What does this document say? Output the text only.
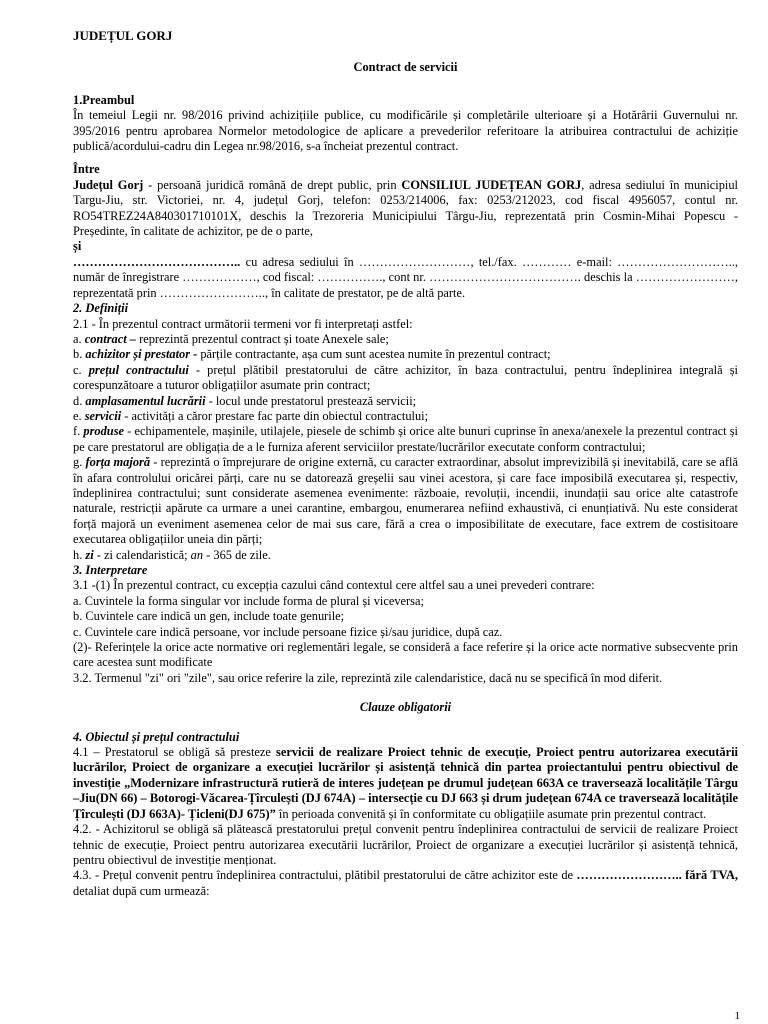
JUDEȚUL GORJ

Contract de servicii

1.Preambul

În temeiul Legii nr. 98/2016 privind achizițiile publice, cu modificările și completările ulterioare și a Hotărârii Guvernului nr. 395/2016 pentru aprobarea Normelor metodologice de aplicare a prevederilor referitoare la atribuirea contractului de achiziție publică/acordului-cadru din Legea nr.98/2016, s-a încheiat prezentul contract.

Între

Județul Gorj - persoană juridică română de drept public, prin CONSILIUL JUDEȚEAN GORJ, adresa sediului în municipiul Targu-Jiu, str. Victoriei, nr. 4, județul Gorj, telefon: 0253/214006, fax: 0253/212023, cod fiscal 4956057, contul nr. RO54TREZ24A840301710101X, deschis la Trezoreria Municipiului Târgu-Jiu, reprezentată prin Cosmin-Mihai Popescu - Președinte, în calitate de achizitor, pe de o parte,

și

………………………………….. cu adresa sediului în ………………………, tel./fax. ………… e-mail: ……………………….., număr de înregistrare ………………, cod fiscal: ……………., cont nr. ………………………………. deschis la ……………………, reprezentată prin …………………….., în calitate de prestator, pe de altă parte.

2. Definiții

2.1 - În prezentul contract următorii termeni vor fi interpretați astfel:

a. contract – reprezintă prezentul contract și toate Anexele sale;

b. achizitor și prestator - părțile contractante, așa cum sunt acestea numite în prezentul contract;

c. prețul contractului - prețul plătibil prestatorului de către achizitor, în baza contractului, pentru îndeplinirea integrală și corespunzătoare a tuturor obligațiilor asumate prin contract;

d. amplasamentul lucrării - locul unde prestatorul prestează servicii;

e. servicii - activități a căror prestare fac parte din obiectul contractului;

f. produse - echipamentele, mașinile, utilajele, piesele de schimb și orice alte bunuri cuprinse în anexa/anexele la prezentul contract și pe care prestatorul are obligația de a le furniza aferent serviciilor prestate/lucrărilor executate conform contractului;

g. forța majoră - reprezintă o împrejurare de origine externă, cu caracter extraordinar, absolut imprevizibilă și inevitabilă, care se află în afara controlului oricărei părți, care nu se datorează greșelii sau vinei acestora, și care face imposibilă executarea și, respectiv, îndeplinirea contractului; sunt considerate asemenea evenimente: războaie, revoluții, incendii, inundații sau orice alte catastrofe naturale, restricții apărute ca urmare a unei carantine, embargou, enumerarea nefiind exhaustivă, ci enunțiativă. Nu este considerat forță majoră un eveniment asemenea celor de mai sus care, fără a crea o imposibilitate de executare, face extrem de costisitoare executarea obligațiilor uneia din părți;

h. zi - zi calendaristică; an - 365 de zile.

3. Interpretare

3.1 -(1) În prezentul contract, cu excepția cazului când contextul cere altfel sau a unei prevederi contrare:

a. Cuvintele la forma singular vor include forma de plural și viceversa;

b. Cuvintele care indică un gen, include toate genurile;

c. Cuvintele care indică persoane, vor include persoane fizice și/sau juridice, după caz.

(2)- Referințele la orice acte normative ori reglementări legale, se consideră a face referire și la orice acte normative subsecvente prin care acestea sunt modificate

3.2. Termenul "zi" ori "zile", sau orice referire la zile, reprezintă zile calendaristice, dacă nu se specifică în mod diferit.

Clauze obligatorii

4. Obiectul și prețul contractului

4.1 – Prestatorul se obligă să presteze servicii de realizare Proiect tehnic de execuție, Proiect pentru autorizarea executării lucrărilor, Proiect de organizare a execuției lucrărilor și asistență tehnică din partea proiectantului pentru obiectivul de investiție „Modernizare infrastructură rutieră de interes județean pe drumul județean 663A ce traversează localitățile Târgu –Jiu(DN 66) – Botorogi-Văcarea-Țîrculești (DJ 674A) – intersecție cu DJ 663 și drum județean 674A ce traversează localitățile Țîrculești (DJ 663A)- Țicleni(DJ 675)” în perioada convenită și în conformitate cu obligațiile asumate prin prezentul contract.

4.2. - Achizitorul se obligă să plătească prestatorului prețul convenit pentru îndeplinirea contractului de servicii de realizare Proiect tehnic de execuție, Proiect pentru autorizarea executării lucrărilor, Proiect de organizare a execuției lucrărilor și asistență tehnică, pentru obiectivul de investiție menționat.

4.3. - Prețul convenit pentru îndeplinirea contractului, plătibil prestatorului de către achizitor este de …………………….. fără TVA, detaliat după cum urmează:

1
